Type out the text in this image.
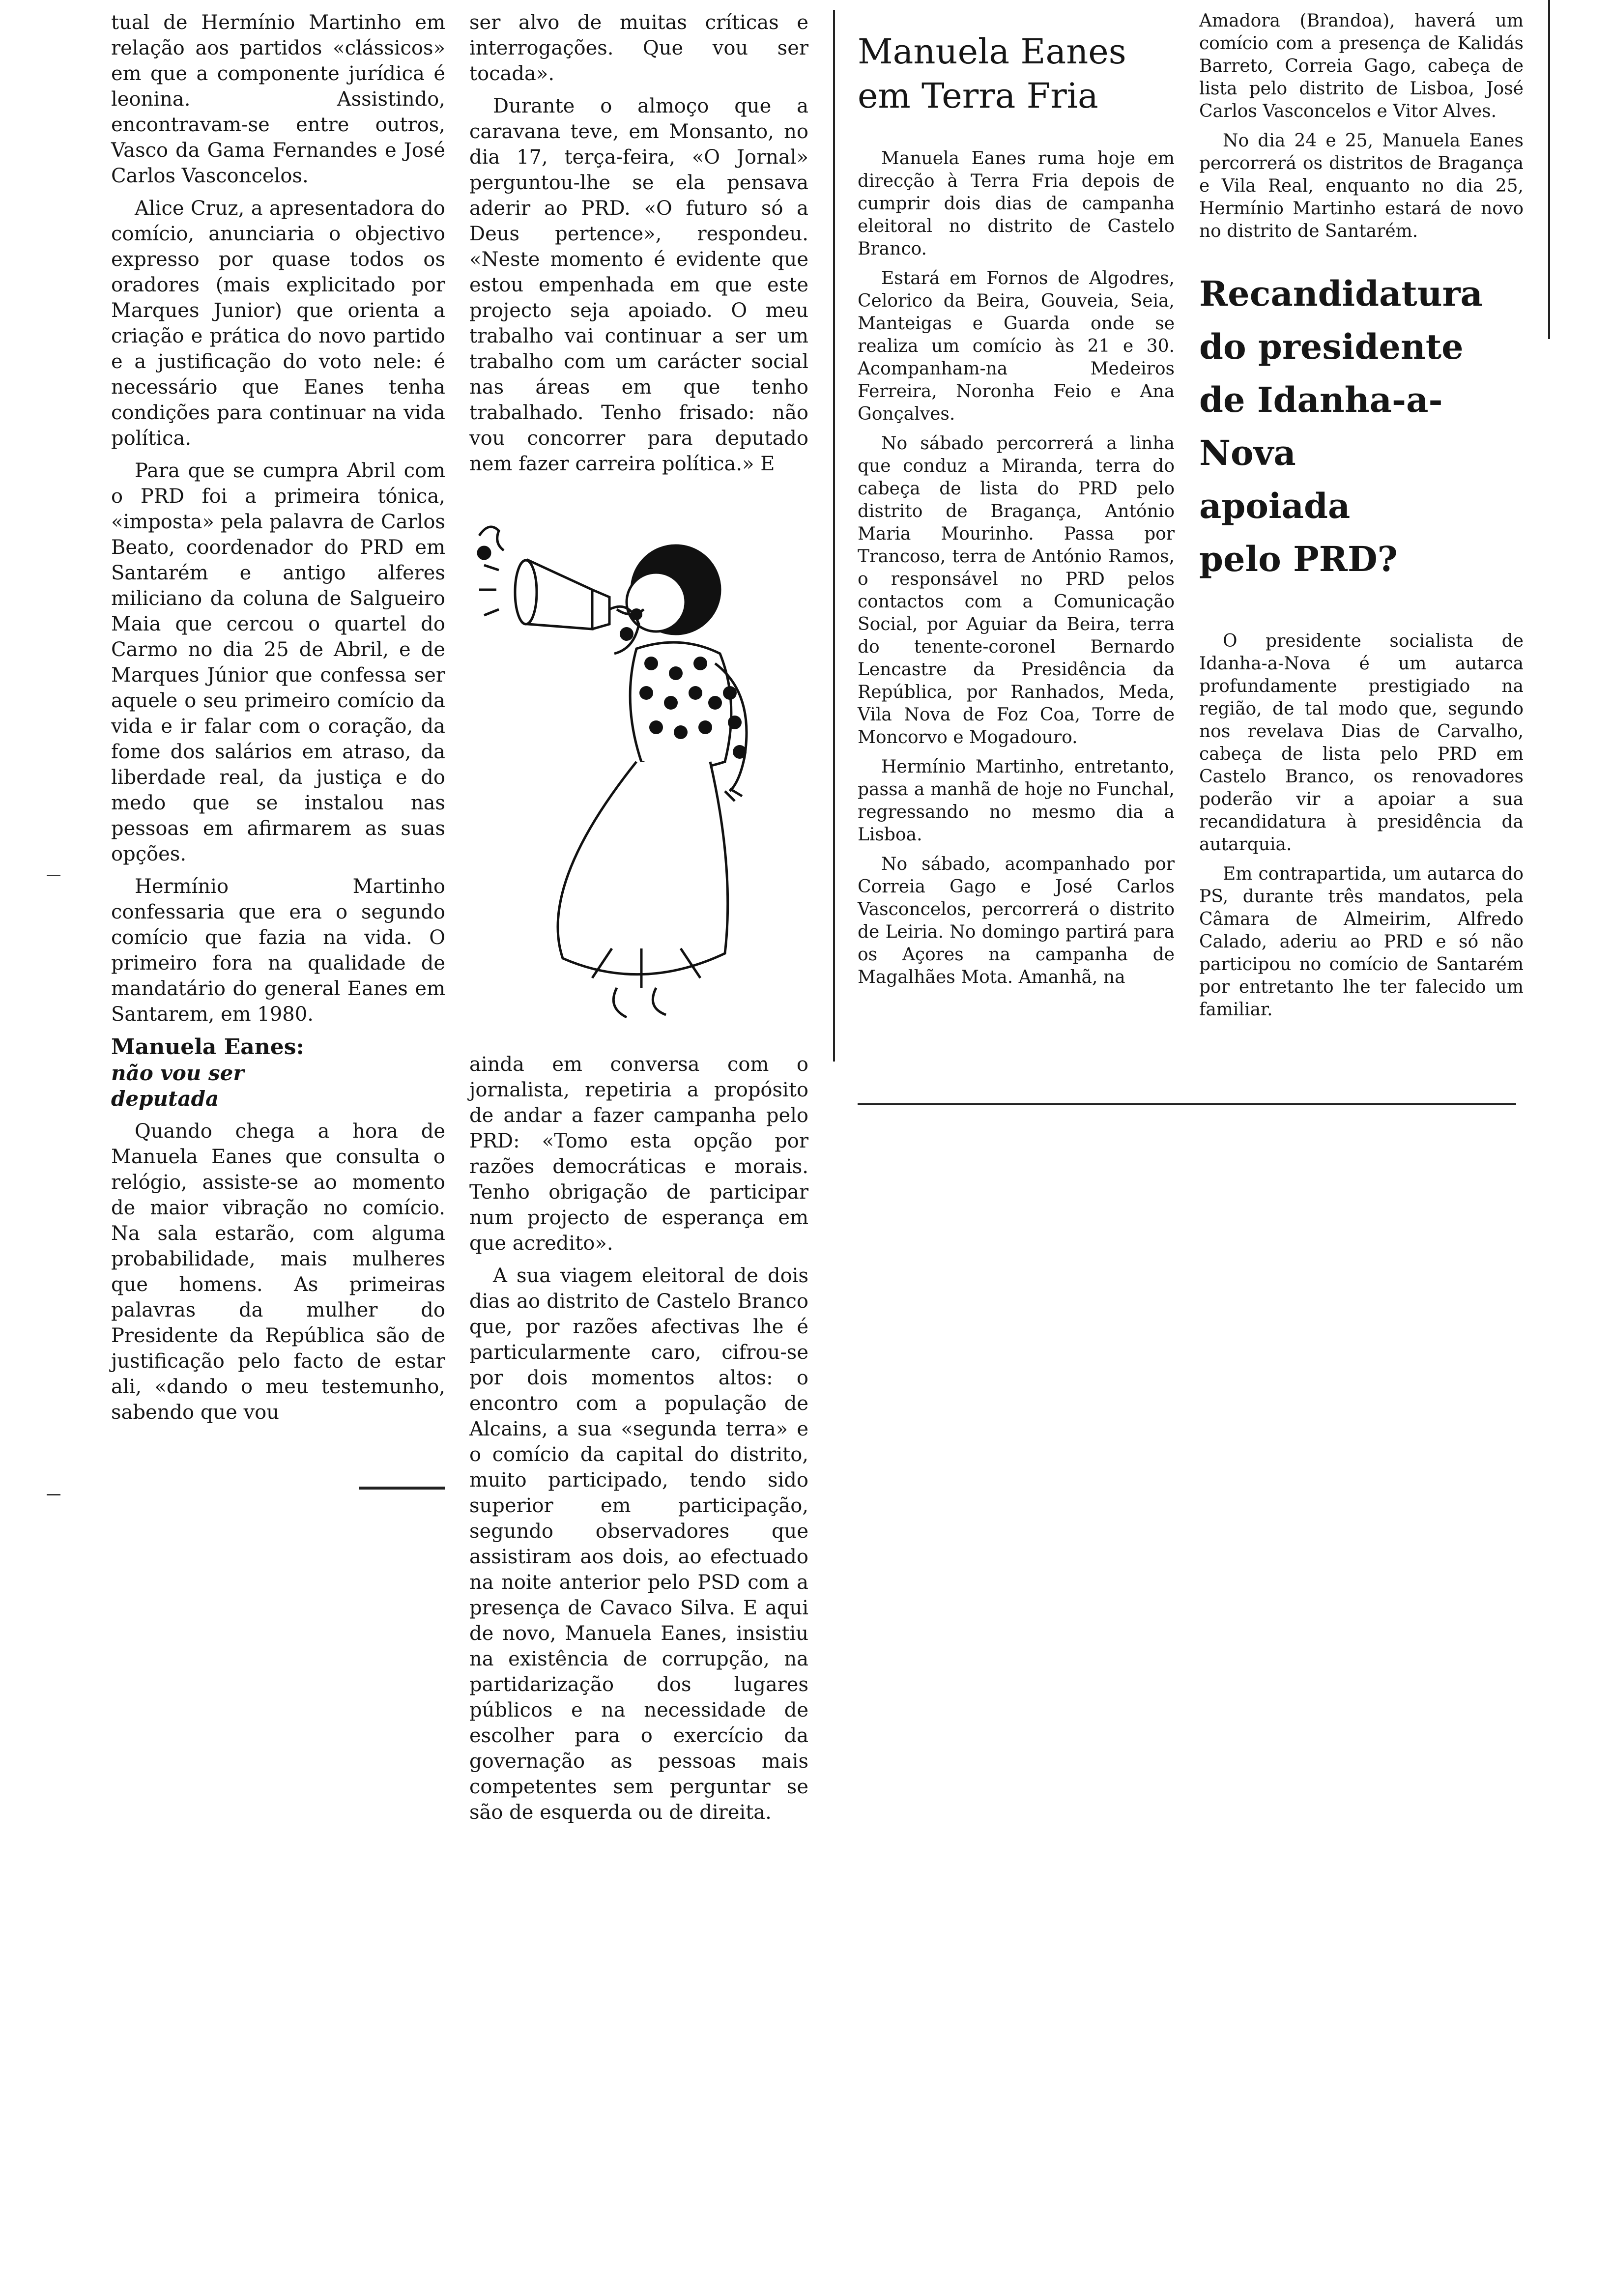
tual de Hermínio Martinho em relação aos partidos «clássicos» em que a componente jurídica é leonina. Assistindo, encontravam-se entre outros, Vasco da Gama Fernandes e José Carlos Vasconcelos.

Alice Cruz, a apresentadora do comício, anunciaria o objectivo expresso por quase todos os oradores (mais explicitado por Marques Junior) que orienta a criação e prática do novo partido e a justificação do voto nele: é necessário que Eanes tenha condições para continuar na vida política.

Para que se cumpra Abril com o PRD foi a primeira tónica, «imposta» pela palavra de Carlos Beato, coordenador do PRD em Santarém e antigo alferes miliciano da coluna de Salgueiro Maia que cercou o quartel do Carmo no dia 25 de Abril, e de Marques Júnior que confessa ser aquele o seu primeiro comício da vida e ir falar com o coração, da fome dos salários em atraso, da liberdade real, da justiça e do medo que se instalou nas pessoas em afirmarem as suas opções.

Hermínio Martinho confessaria que era o segundo comício que fazia na vida. O primeiro fora na qualidade de mandatário do general Eanes em Santarem, em 1980.

Manuela Eanes:
não vou ser
deputada

Quando chega a hora de Manuela Eanes que consulta o relógio, assiste-se ao momento de maior vibração no comício. Na sala estarão, com alguma probabilidade, mais mulheres que homens. As primeiras palavras da mulher do Presidente da República são de justificação pelo facto de estar ali, «dando o meu testemunho, sabendo que vou

ser alvo de muitas críticas e interrogações. Que vou ser tocada».

Durante o almoço que a caravana teve, em Monsanto, no dia 17, terça-feira, «O Jornal» perguntou-lhe se ela pensava aderir ao PRD. «O futuro só a Deus pertence», respondeu. «Neste momento é evidente que estou empenhada em que este projecto seja apoiado. O meu trabalho vai continuar a ser um trabalho com um carácter social nas áreas em que tenho trabalhado. Tenho frisado: não vou concorrer para deputado nem fazer carreira política.» E

ainda em conversa com o jornalista, repetiria a propósito de andar a fazer campanha pelo PRD: «Tomo esta opção por razões democráticas e morais. Tenho obrigação de participar num projecto de esperança em que acredito».

A sua viagem eleitoral de dois dias ao distrito de Castelo Branco que, por razões afectivas lhe é particularmente caro, cifrou-se por dois momentos altos: o encontro com a população de Alcains, a sua «segunda terra» e o comício da capital do distrito, muito participado, tendo sido superior em participação, segundo observadores que assistiram aos dois, ao efectuado na noite anterior pelo PSD com a presença de Cavaco Silva. E aqui de novo, Manuela Eanes, insistiu na existência de corrupção, na partidarização dos lugares públicos e na necessidade de escolher para o exercício da governação as pessoas mais competentes sem perguntar se são de esquerda ou de direita.

Manuela Eanes
em Terra Fria

Manuela Eanes ruma hoje em direcção à Terra Fria depois de cumprir dois dias de campanha eleitoral no distrito de Castelo Branco.

Estará em Fornos de Algodres, Celorico da Beira, Gouveia, Seia, Manteigas e Guarda onde se realiza um comício às 21 e 30. Acompanham-na Medeiros Ferreira, Noronha Feio e Ana Gonçalves.

No sábado percorrerá a linha que conduz a Miranda, terra do cabeça de lista do PRD pelo distrito de Bragança, António Maria Mourinho. Passa por Trancoso, terra de António Ramos, o responsável no PRD pelos contactos com a Comunicação Social, por Aguiar da Beira, terra do tenente-coronel Bernardo Lencastre da Presidência da República, por Ranhados, Meda, Vila Nova de Foz Coa, Torre de Moncorvo e Mogadouro.

Hermínio Martinho, entretanto, passa a manhã de hoje no Funchal, regressando no mesmo dia a Lisboa.

No sábado, acompanhado por Correia Gago e José Carlos Vasconcelos, percorrerá o distrito de Leiria. No domingo partirá para os Açores na campanha de Magalhães Mota. Amanhã, na

Amadora (Brandoa), haverá um comício com a presença de Kalidás Barreto, Correia Gago, cabeça de lista pelo distrito de Lisboa, José Carlos Vasconcelos e Vitor Alves.

No dia 24 e 25, Manuela Eanes percorrerá os distritos de Bragança e Vila Real, enquanto no dia 25, Hermínio Martinho estará de novo no distrito de Santarém.

Recandidatura
do presidente
de Idanha-a-Nova
apoiada
pelo PRD?

O presidente socialista de Idanha-a-Nova é um autarca profundamente prestigiado na região, de tal modo que, segundo nos revelava Dias de Carvalho, cabeça de lista pelo PRD em Castelo Branco, os renovadores poderão vir a apoiar a sua recandidatura à presidência da autarquia.

Em contrapartida, um autarca do PS, durante três mandatos, pela Câmara de Almeirim, Alfredo Calado, aderiu ao PRD e só não participou no comício de Santarém por entretanto lhe ter falecido um familiar.
